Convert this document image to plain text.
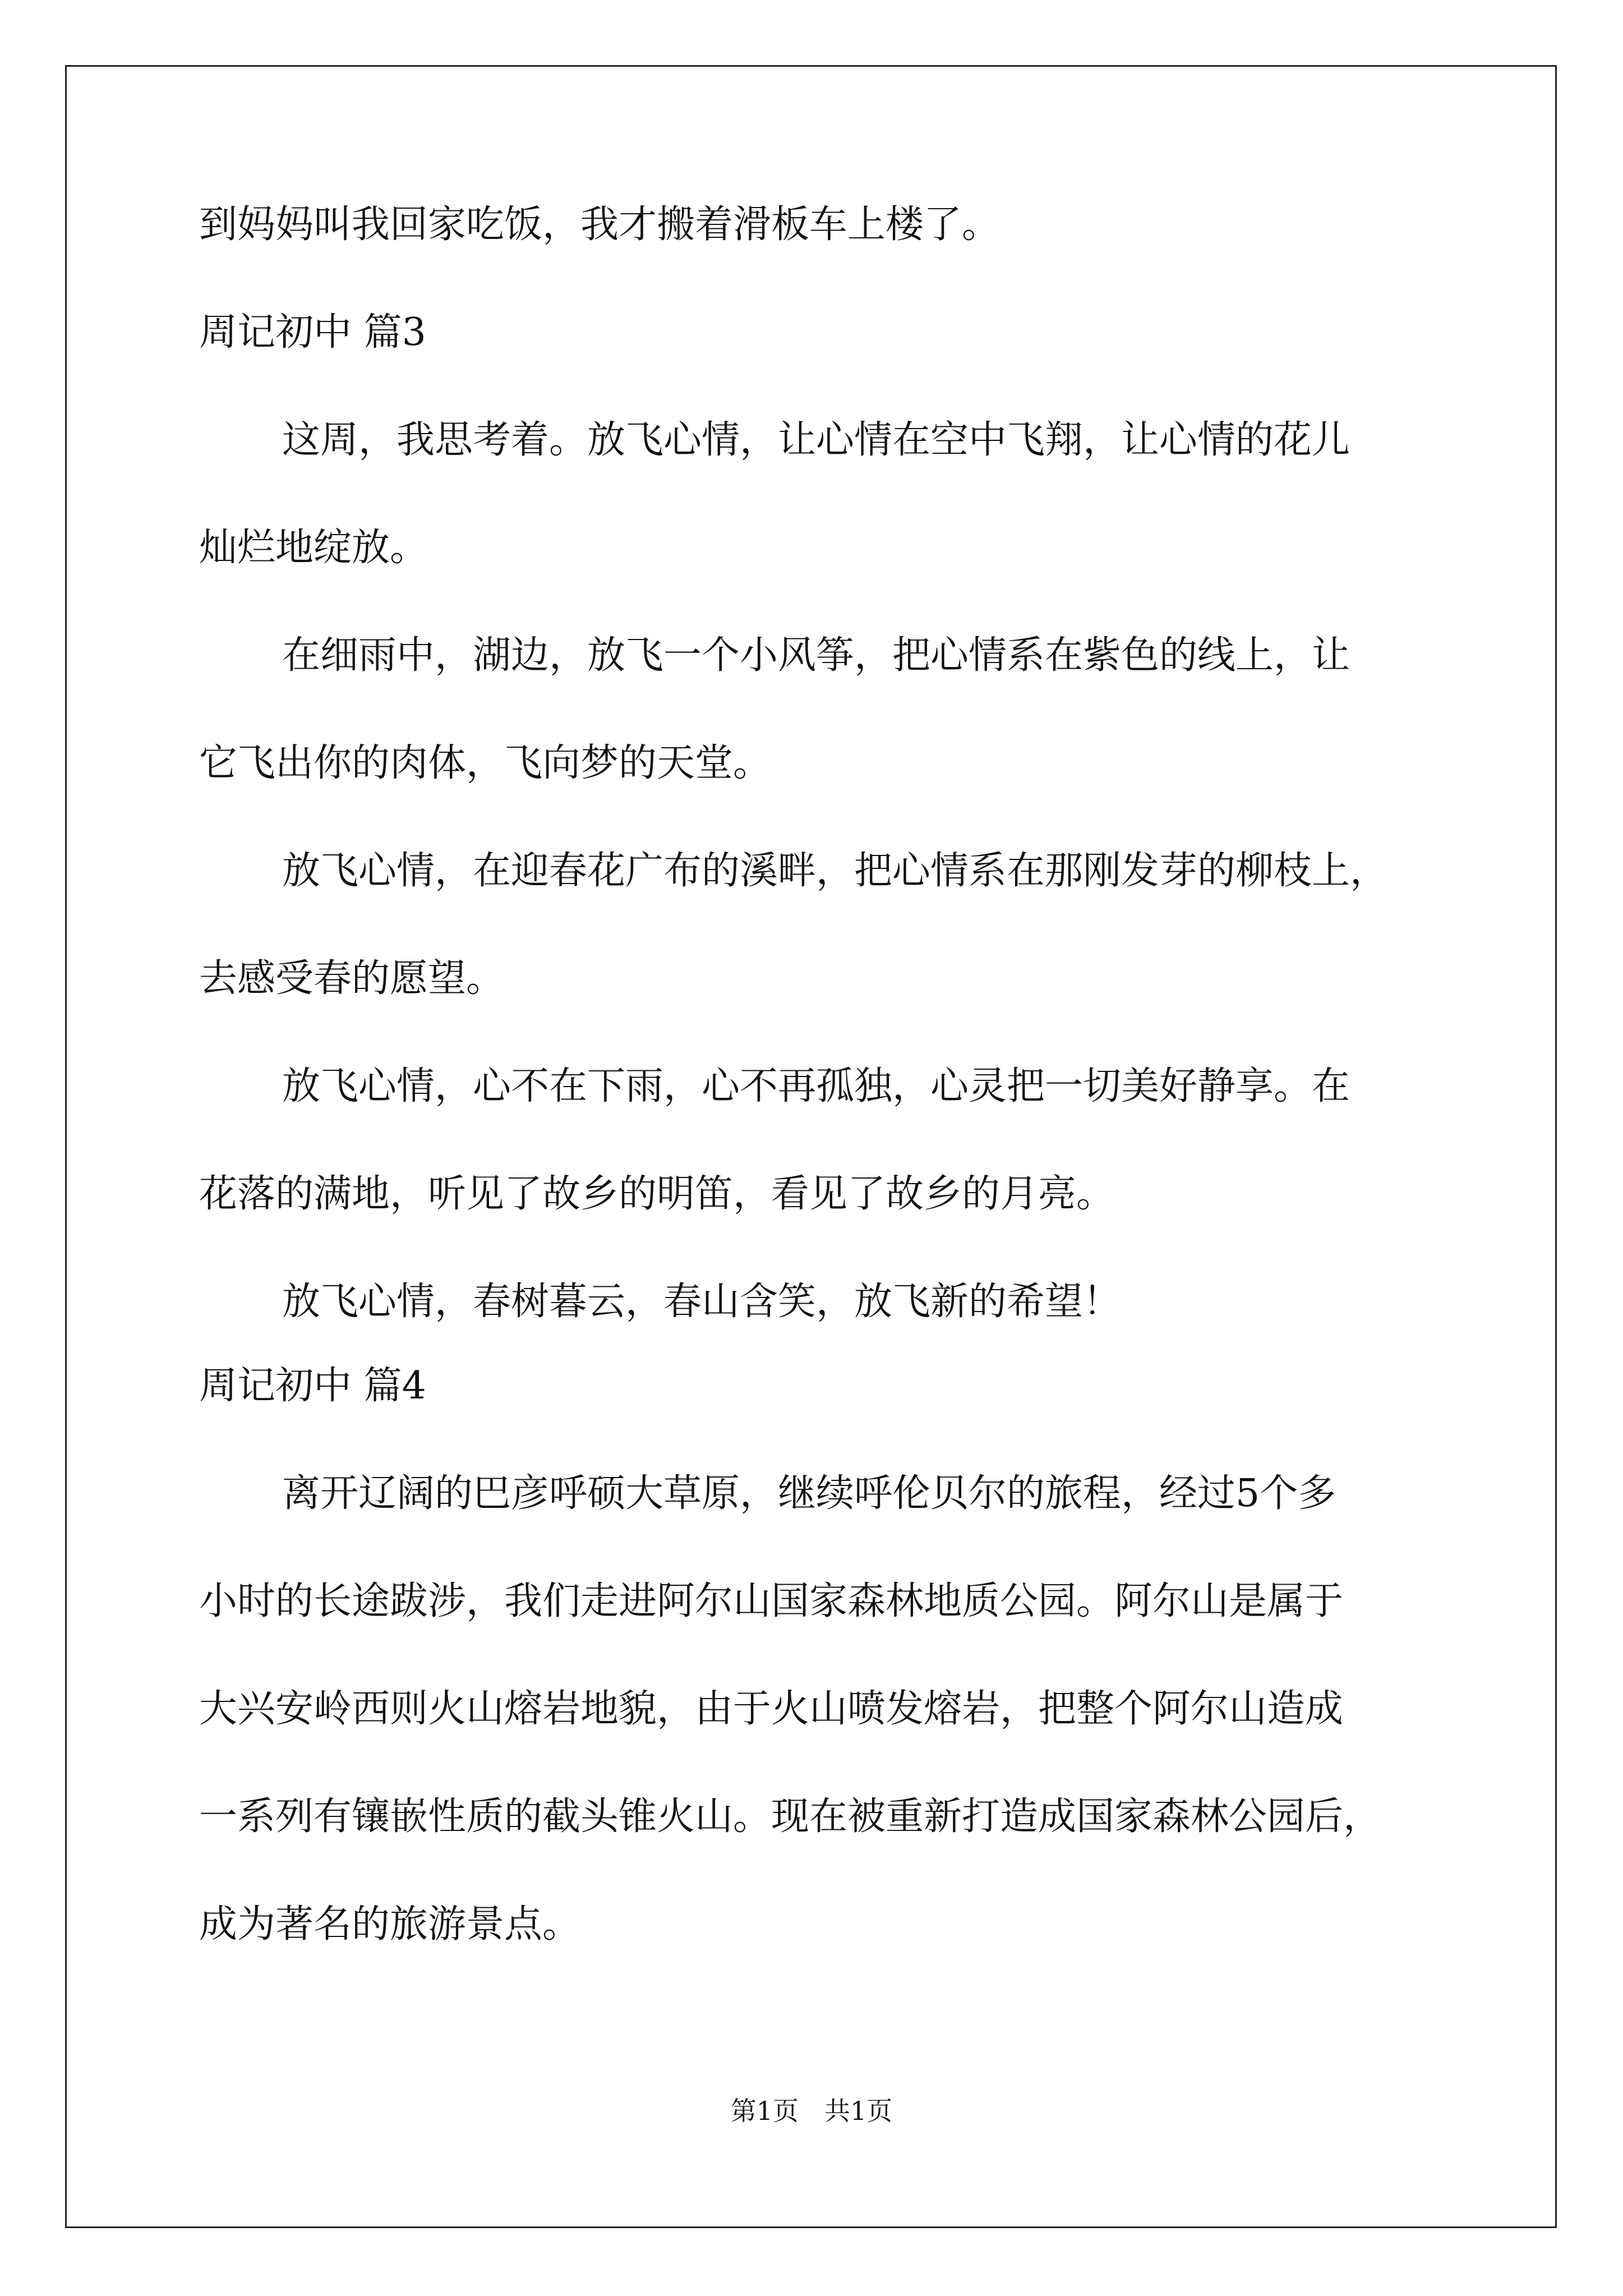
到妈妈叫我回家吃饭，我才搬着滑板车上楼了。

周记初中 篇3

这周，我思考着。放飞心情，让心情在空中飞翔，让心情的花儿

灿烂地绽放。

在细雨中，湖边，放飞一个小风筝，把心情系在紫色的线上，让

它飞出你的肉体，飞向梦的天堂。

放飞心情，在迎春花广布的溪畔，把心情系在那刚发芽的柳枝上，

去感受春的愿望。

放飞心情，心不在下雨，心不再孤独，心灵把一切美好静享。在

花落的满地，听见了故乡的明笛，看见了故乡的月亮。

放飞心情，春树暮云，春山含笑，放飞新的希望！

周记初中 篇4

离开辽阔的巴彦呼硕大草原，继续呼伦贝尔的旅程，经过5个多

小时的长途跋涉，我们走进阿尔山国家森林地质公园。阿尔山是属于

大兴安岭西则火山熔岩地貌，由于火山喷发熔岩，把整个阿尔山造成

一系列有镶嵌性质的截头锥火山。现在被重新打造成国家森林公园后，

成为著名的旅游景点。

第1页　共1页
